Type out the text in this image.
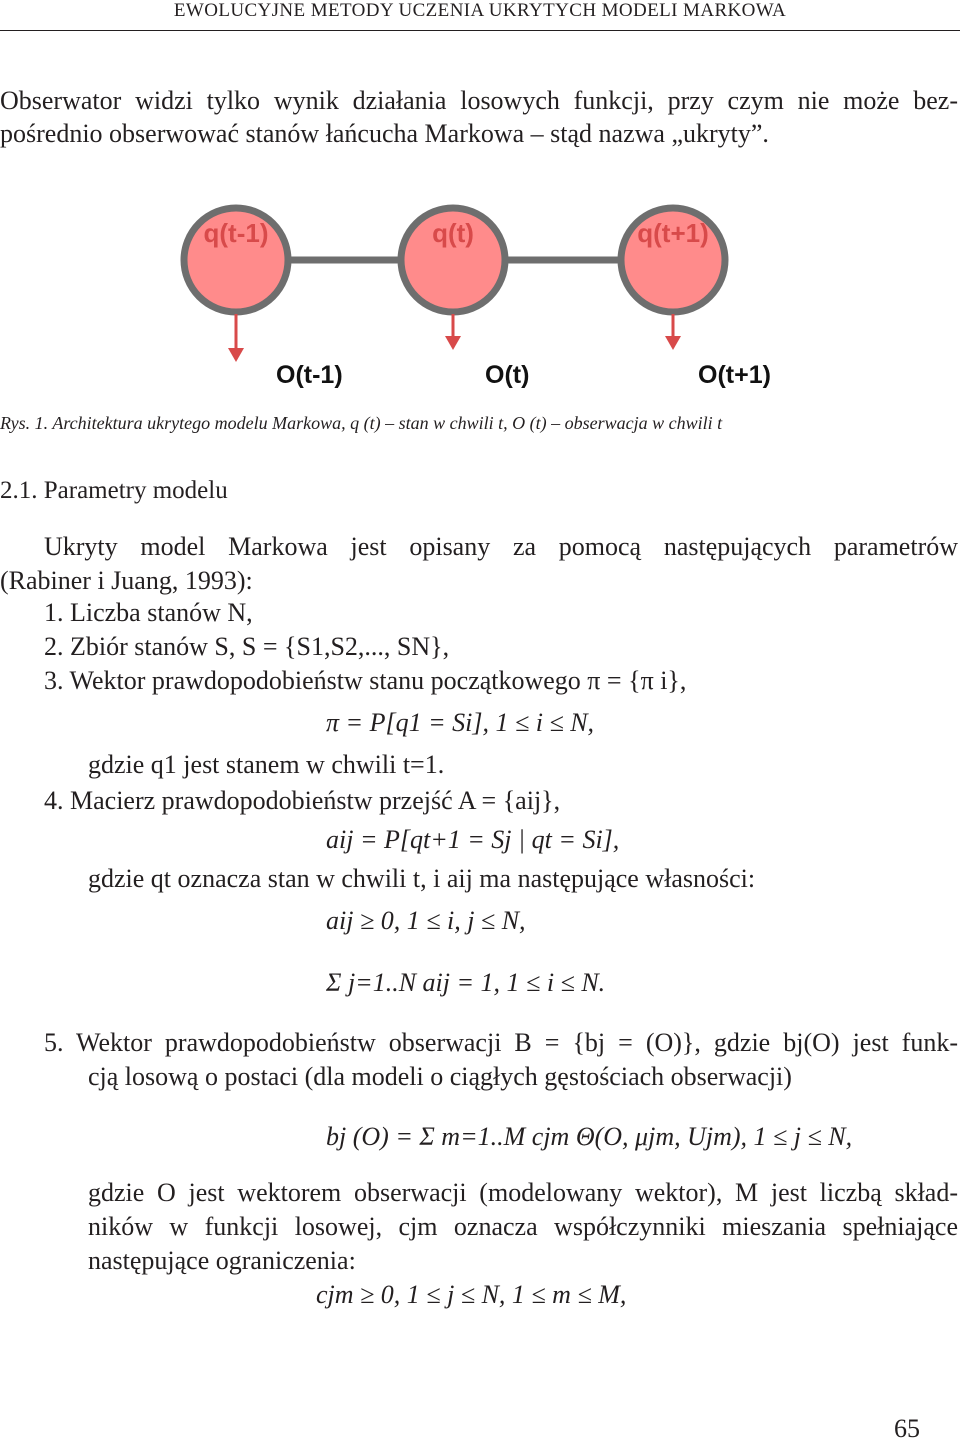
EWOLUCYJNE METODY UCZENIA UKRYTYCH MODELI MARKOWA
Obserwator widzi tylko wynik działania losowych funkcji, przy czym nie może bez-
pośrednio obserwować stanów łańcucha Markowa – stąd nazwa „ukryty”.
q(t-1)	q(t)	q(t+1)
O(t-1)	O(t)	O(t+1)
Rys. 1. Architektura ukrytego modelu Markowa, q (t) – stan w chwili t, O (t) – obserwacja w chwili t
2.1. Parametry modelu
Ukryty model Markowa jest opisany za pomocą następujących parametrów
(Rabiner i Juang, 1993):
1. Liczba stanów N,
2. Zbiór stanów S, S = {S1,S2,..., SN},
3. Wektor prawdopodobieństw stanu początkowego π = {π i},
π = P[q1 = Si], 1 ≤ i ≤ N,
gdzie q1 jest stanem w chwili t=1.
4. Macierz prawdopodobieństw przejść A = {aij},
aij = P[qt+1 = Sj | qt = Si],
gdzie qt oznacza stan w chwili t, i aij ma następujące własności:
aij ≥ 0, 1 ≤ i, j ≤ N,
Σ j=1..N aij = 1, 1 ≤ i ≤ N.
5. Wektor prawdopodobieństw obserwacji B = {bj = (O)}, gdzie bj(O) jest funk-
cją losową o postaci (dla modeli o ciągłych gęstościach obserwacji)
bj (O) = Σ m=1..M cjm Θ(O, μjm, Ujm), 1 ≤ j ≤ N,
gdzie O jest wektorem obserwacji (modelowany wektor), M jest liczbą skład-
ników w funkcji losowej, cjm oznacza współczynniki mieszania spełniające
następujące ograniczenia:
cjm ≥ 0, 1 ≤ j ≤ N, 1 ≤ m ≤ M,
65
